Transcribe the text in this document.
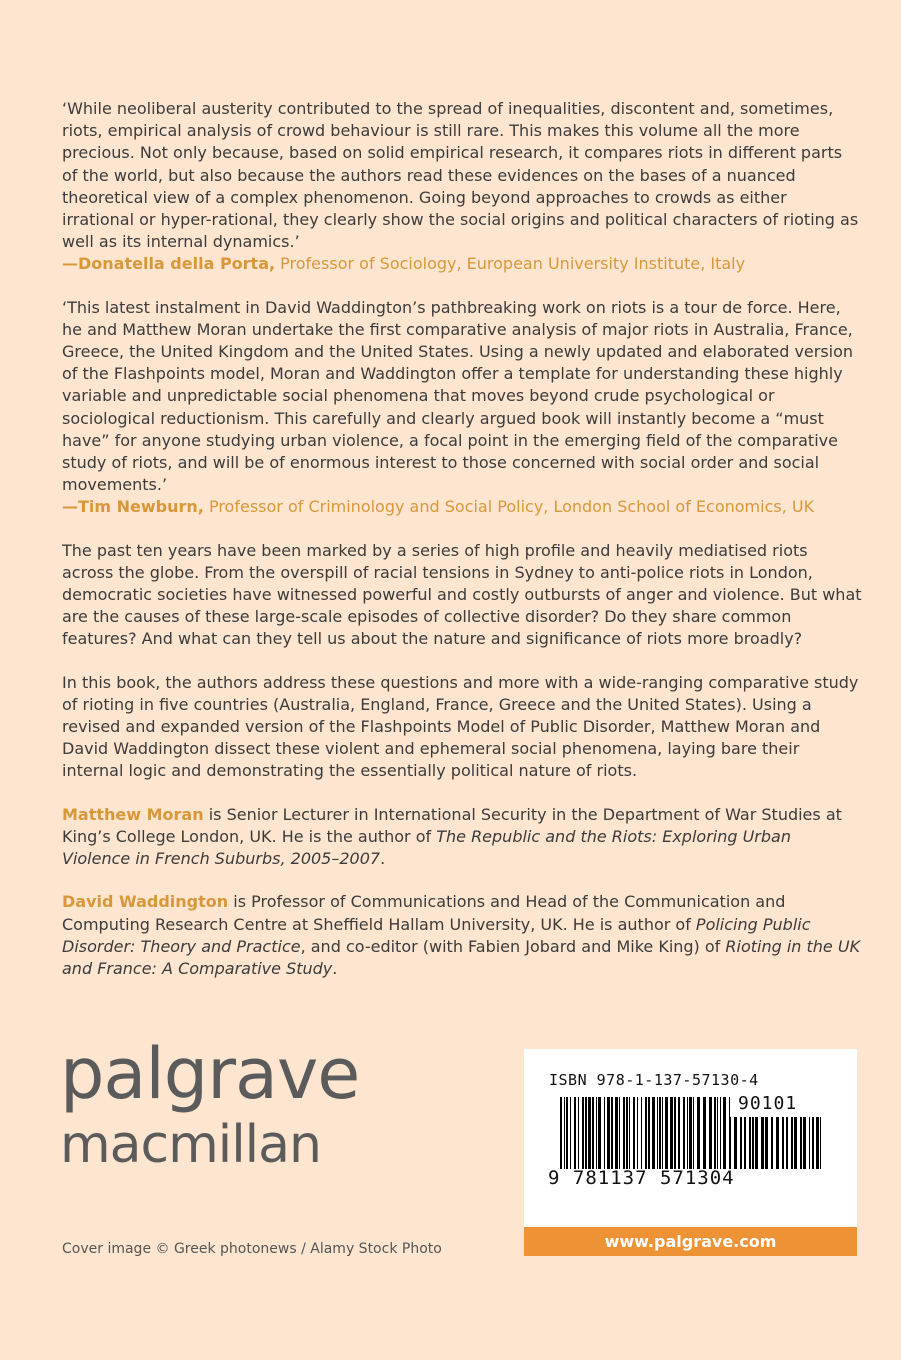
‘While neoliberal austerity contributed to the spread of inequalities, discontent and, sometimes, riots, empirical analysis of crowd behaviour is still rare. This makes this volume all the more precious. Not only because, based on solid empirical research, it compares riots in different parts of the world, but also because the authors read these evidences on the bases of a nuanced theoretical view of a complex phenomenon. Going beyond approaches to crowds as either irrational or hyper-rational, they clearly show the social origins and political characters of rioting as well as its internal dynamics.’
—Donatella della Porta, Professor of Sociology, European University Institute, Italy

‘This latest instalment in David Waddington’s pathbreaking work on riots is a tour de force. Here, he and Matthew Moran undertake the first comparative analysis of major riots in Australia, France, Greece, the United Kingdom and the United States. Using a newly updated and elaborated version of the Flashpoints model, Moran and Waddington offer a template for understanding these highly variable and unpredictable social phenomena that moves beyond crude psychological or sociological reductionism. This carefully and clearly argued book will instantly become a “must have” for anyone studying urban violence, a focal point in the emerging field of the comparative study of riots, and will be of enormous interest to those concerned with social order and social movements.’
—Tim Newburn, Professor of Criminology and Social Policy, London School of Economics, UK

The past ten years have been marked by a series of high profile and heavily mediatised riots across the globe. From the overspill of racial tensions in Sydney to anti-police riots in London, democratic societies have witnessed powerful and costly outbursts of anger and violence. But what are the causes of these large-scale episodes of collective disorder? Do they share common features? And what can they tell us about the nature and significance of riots more broadly?

In this book, the authors address these questions and more with a wide-ranging comparative study of rioting in five countries (Australia, England, France, Greece and the United States). Using a revised and expanded version of the Flashpoints Model of Public Disorder, Matthew Moran and David Waddington dissect these violent and ephemeral social phenomena, laying bare their internal logic and demonstrating the essentially political nature of riots.

Matthew Moran is Senior Lecturer in International Security in the Department of War Studies at King’s College London, UK. He is the author of The Republic and the Riots: Exploring Urban Violence in French Suburbs, 2005–2007.

David Waddington is Professor of Communications and Head of the Communication and Computing Research Centre at Sheffield Hallam University, UK. He is author of Policing Public Disorder: Theory and Practice, and co-editor (with Fabien Jobard and Mike King) of Rioting in the UK and France: A Comparative Study.

palgrave
macmillan
Cover image © Greek photonews / Alamy Stock Photo
ISBN 978-1-137-57130-4
90101
9 781137 571304
www.palgrave.com
